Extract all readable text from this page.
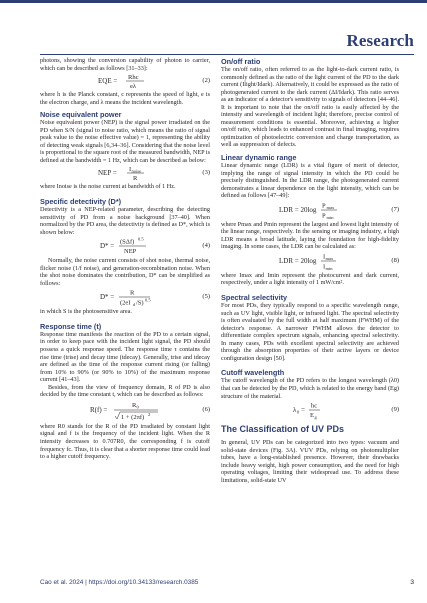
Research

photons, showing the conversion capability of photon to carrier, which can be described as follows [31–33]:

EQE = Rhc
eλ
(2)

where h is the Planck constant, c represents the speed of light, e is the electron charge, and λ means the incident wavelength.

Noise equivalent power

Noise equivalent power (NEP) is the signal power irradiated on the PD when S/N (signal to noise ratio, which means the ratio of signal peak value to the noise effective value) = 1, representing the ability of detecting weak signals [6,34–36]. Considering that the noise level is proportional to the square root of the measured bandwidth, NEP is defined at the bandwidth = 1 Hz, which can be described as below:

NEP = I noise
R
(3)

where Inoise is the noise current at bandwidth of 1 Hz.

Specific detectivity (D*)

Detectivity is a NEP-related parameter, describing the detecting sensitivity of PD from a noise background [37–40]. When normalized by the PD area, the detectivity is defined as D*, which is shown below:

D* = (SΔf) 0.5
NEP
(4)

Normally, the noise current consists of shot noise, thermal noise, flicker noise (1/f noise), and generation-recombination noise. When the shot noise dominates the contribution, D* can be simplified as follows:

D* = R
(2eI d /S) 0.5	(5)

in which S is the photosensitive area.

Response time (t)

Response time manifests the reaction of the PD to a certain signal, in order to keep pace with the incident light signal, the PD should possess a quick response speed. The response time τ contains the rise time (trise) and decay time (tdecay). Generally, trise and tdecay are defined as the time of the response current rising (or falling) from 10% to 90% (or 90% to 10%) of the maximum response current [41–43].

Besides, from the view of frequency domain, R of PD is also decided by the time constant t, which can be described as follows:

R(f) =
R 0
1 + (2πf) 2
(6)

where R0 stands for the R of the PD irradiated by constant light signal and f is the frequency of the incident light. When the R intensity decreases to 0.707R0, the corresponding f is cutoff frequency fc. Thus, it is clear that a shorter response time could lead to a higher cutoff frequency.

On/off ratio

The on/off ratio, often referred to as the light-to-dark current ratio, is commonly defined as the ratio of the light current of the PD to the dark current (Ilight/Idark). Alternatively, it could be expressed as the ratio of photogenerated current to the dark current (ΔI/Idark). This ratio serves as an indicator of a detector's sensitivity to signals of detectors [44–46]. It is important to note that the on/off ratio is easily affected by the intensity and wavelength of incident light; therefore, precise control of measurement conditions is essential. Moreover, achieving a higher on/off ratio, which leads to enhanced contrast in final imaging, requires optimization of photoelectric conversion and charge transportation, as well as suppression of defects.

Linear dynamic range

Linear dynamic range (LDR) is a vital figure of merit of detector, implying the range of signal intensity in which the PD could be precisely distinguished. In the LDR range, the photogenerated current demonstrates a linear dependence on the light intensity, which can be defined as follows [47–49]:

LDR = 20log P max
P min
(7)

where Pmax and Pmin represent the largest and lowest light intensity of the linear range, respectively. In the sensing or imaging industry, a high LDR means a broad latitude, laying the foundation for high-fidelity imaging. In some cases, the LDR can be calculated as:

LDR = 20log I max
I min
(8)

where Imax and Imin represent the photocurrent and dark current, respectively, under a light intensity of 1 mW/cm².

Spectral selectivity

For most PDs, they typically respond to a specific wavelength range, such as UV light, visible light, or infrared light. The spectral selectivity is often evaluated by the full width at half maximum (FWHM) of the detector's response. A narrower FWHM allows the detector to differentiate complex spectrum signals, enhancing spectral selectivity. In many cases, PDs with excellent spectral selectivity are achieved through the absorption properties of their active layers or device configuration design [50].

Cutoff wavelength

The cutoff wavelength of the PD refers to the longest wavelength (λ0) that can be detected by the PD, which is related to the energy band (Eg) structure of the material.

λ 0 = hc
E g
(9)
The Classification of UV PDs

In general, UV PDs can be categorized into two types: vacuum and solid-state devices (Fig. 3A). VUV PDs, relying on photomultiplier tubes, have a long-established presence. However, their drawbacks include heavy weight, high power consumption, and the need for high operating voltages, limiting their widespread use. To address these limitations, solid-state UV

Cao et al. 2024 | https://doi.org/10.34133/research.0385	3
